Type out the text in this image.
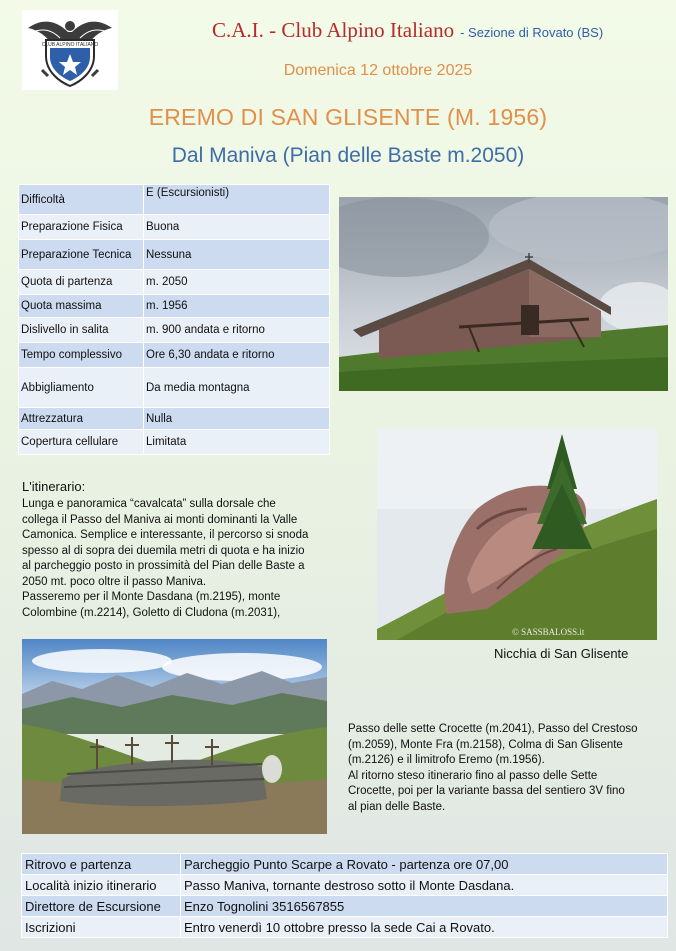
CLUB ALPINO ITALIANO
C.A.I. - Club Alpino Italiano - Sezione di Rovato (BS)
Domenica 12 ottobre 2025
EREMO DI SAN GLISENTE (M. 1956)
Dal Maniva (Pian delle Baste m.2050)
Difficoltà	E (Escursionisti)
Preparazione Fisica	Buona
Preparazione Tecnica	Nessuna
Quota di partenza	m. 2050
Quota massima	m. 1956
Dislivello in salita	m. 900 andata e ritorno
Tempo complessivo	Ore 6,30 andata e ritorno
Abbigliamento	Da media montagna
Attrezzatura	Nulla
Copertura cellulare	Limitata
© SASSBALOSS.it
Nicchia di San Glisente
L'itinerario:
Lunga e panoramica “cavalcata” sulla dorsale che
collega il Passo del Maniva ai monti dominanti la Valle
Camonica. Semplice e interessante, il percorso si snoda
spesso al di sopra dei duemila metri di quota e ha inizio
al parcheggio posto in prossimità del Pian delle Baste a
2050 mt. poco oltre il passo Maniva.
Passeremo per il Monte Dasdana (m.2195), monte
Colombine (m.2214), Goletto di Cludona (m.2031),
Passo delle sette Crocette (m.2041), Passo del Crestoso
(m.2059), Monte Fra (m.2158), Colma di San Glisente
(m.2126) e il limitrofo Eremo (m.1956).
Al ritorno steso itinerario fino al passo delle Sette
Crocette, poi per la variante bassa del sentiero 3V fino
al pian delle Baste.
Ritrovo e partenza	Parcheggio Punto Scarpe a Rovato - partenza ore 07,00
Località inizio itinerario	Passo Maniva, tornante destroso sotto il Monte Dasdana.
Direttore de Escursione	Enzo Tognolini 3516567855
Iscrizioni	Entro venerdì 10 ottobre presso la sede Cai a Rovato.
